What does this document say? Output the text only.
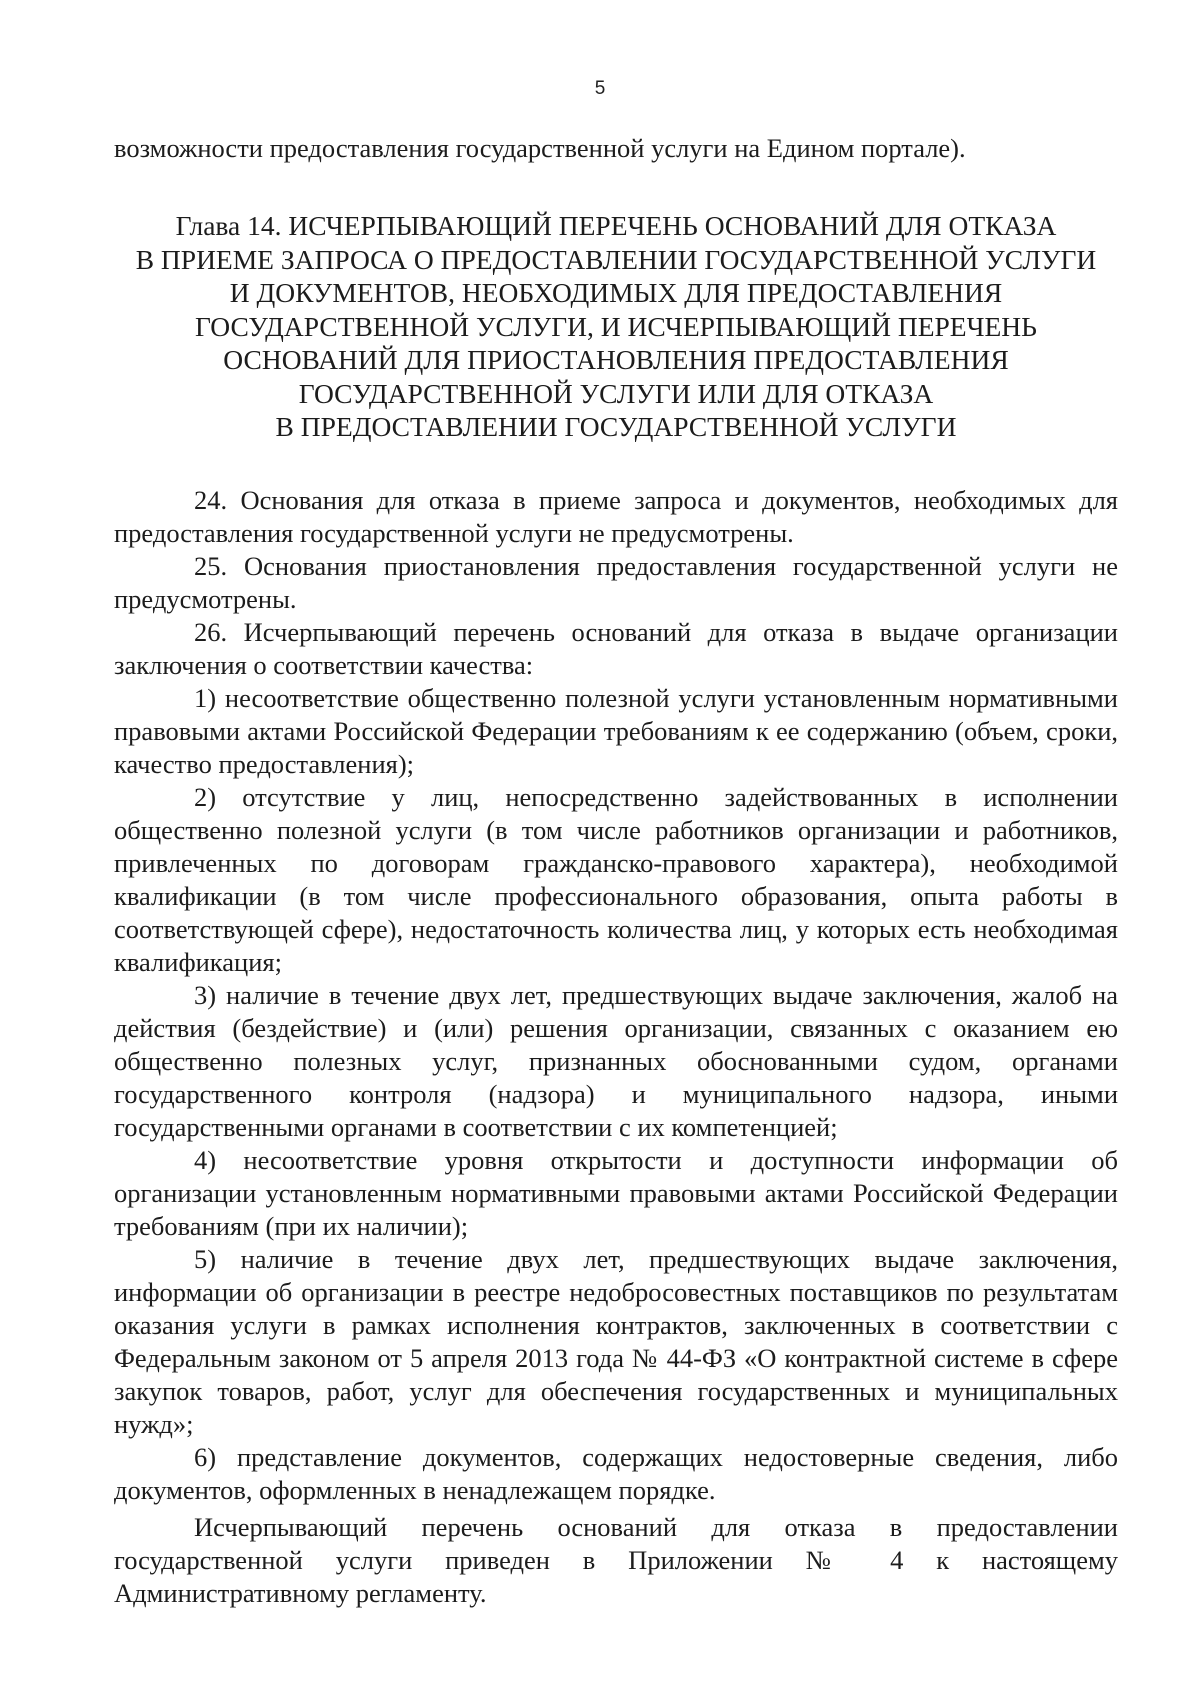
5

возможности предоставления государственной услуги на Едином портале).

Глава 14. ИСЧЕРПЫВАЮЩИЙ ПЕРЕЧЕНЬ ОСНОВАНИЙ ДЛЯ ОТКАЗА
В ПРИЕМЕ ЗАПРОСА О ПРЕДОСТАВЛЕНИИ ГОСУДАРСТВЕННОЙ УСЛУГИ
И ДОКУМЕНТОВ, НЕОБХОДИМЫХ ДЛЯ ПРЕДОСТАВЛЕНИЯ
ГОСУДАРСТВЕННОЙ УСЛУГИ, И ИСЧЕРПЫВАЮЩИЙ ПЕРЕЧЕНЬ
ОСНОВАНИЙ ДЛЯ ПРИОСТАНОВЛЕНИЯ ПРЕДОСТАВЛЕНИЯ
ГОСУДАРСТВЕННОЙ УСЛУГИ ИЛИ ДЛЯ ОТКАЗА
В ПРЕДОСТАВЛЕНИИ ГОСУДАРСТВЕННОЙ УСЛУГИ

24. Основания для отказа в приеме запроса и документов, необходимых для предоставления государственной услуги не предусмотрены.

25. Основания приостановления предоставления государственной услуги не предусмотрены.

26. Исчерпывающий перечень оснований для отказа в выдаче организации заключения о соответствии качества:

1) несоответствие общественно полезной услуги установленным нормативными правовыми актами Российской Федерации требованиям к ее содержанию (объем, сроки, качество предоставления);

2) отсутствие у лиц, непосредственно задействованных в исполнении общественно полезной услуги (в том числе работников организации и работников, привлеченных по договорам гражданско-правового характера), необходимой квалификации (в том числе профессионального образования, опыта работы в соответствующей сфере), недостаточность количества лиц, у которых есть необходимая квалификация;

3) наличие в течение двух лет, предшествующих выдаче заключения, жалоб на действия (бездействие) и (или) решения организации, связанных с оказанием ею общественно полезных услуг, признанных обоснованными судом, органами государственного контроля (надзора) и муниципального надзора, иными государственными органами в соответствии с их компетенцией;

4) несоответствие уровня открытости и доступности информации об организации установленным нормативными правовыми актами Российской Федерации требованиям (при их наличии);

5) наличие в течение двух лет, предшествующих выдаче заключения, информации об организации в реестре недобросовестных поставщиков по результатам оказания услуги в рамках исполнения контрактов, заключенных в соответствии с Федеральным законом от 5 апреля 2013 года № 44-ФЗ «О контрактной системе в сфере закупок товаров, работ, услуг для обеспечения государственных и муниципальных нужд»;

6) представление документов, содержащих недостоверные сведения, либо документов, оформленных в ненадлежащем порядке.

Исчерпывающий перечень оснований для отказа в предоставлении государственной услуги приведен в Приложении № 4 к настоящему Административному регламенту.
